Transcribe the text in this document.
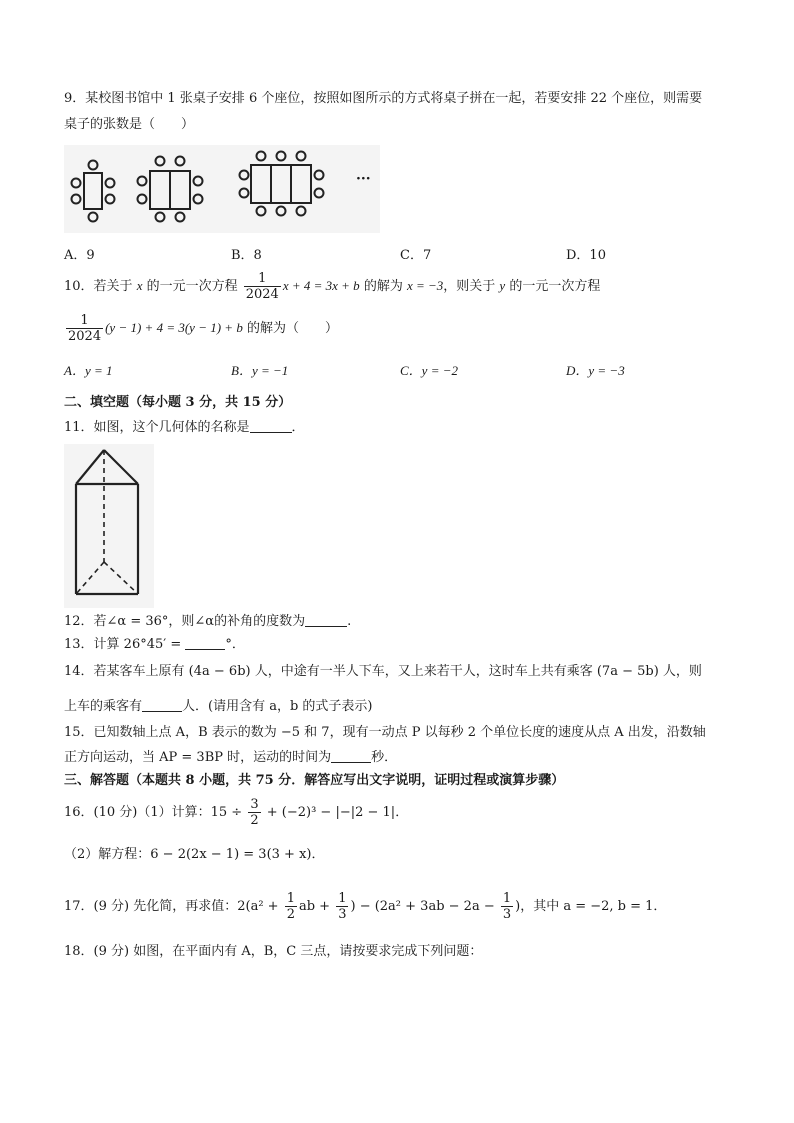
9．某校图书馆中 1 张桌子安排 6 个座位，按照如图所示的方式将桌子拼在一起，若要安排 22 个座位，则需要
桌子的张数是（　　）
···
A．9	B．8	C．7	D．10
10．若关于 x 的一元一次方程 $\frac{1}{2024}$ x + 4 = 3x + b 的解为 x = −3，则关于 y 的一元一次方程
$\frac{1}{2024} (y - 1) + 4 = 3(y - 1) + b$ 的解为（　　）
A．y = 1	B．y = −1	C．y = −2	D．y = −3
二、填空题（每小题 3 分，共 15 分）
11．如图，这个几何体的名称是	．
12．若∠α = 36°，则∠α的补角的度数为	.
13．计算 26°45′ =	°．
14．若某客车上原有 (4a − 6b) 人，中途有一半人下车，又上来若干人，这时车上共有乘客 (7a − 5b) 人，则
上车的乘客有	人．(请用含有 a，b 的式子表示)
15．已知数轴上点 A，B 表示的数为 −5 和 7，现有一动点 P 以每秒 2 个单位长度的速度从点 A 出发，沿数轴
正方向运动，当 AP = 3BP 时，运动的时间为	秒．
三、解答题（本题共 8 小题，共 75 分．解答应写出文字说明，证明过程或演算步骤）
16．(10 分)（1）计算：$15 \div \frac{3}{2} + (-2)^3 - |-|2 - 1|$．
（2）解方程：6 − 2(2x − 1) = 3(3 + x)．
17．(9 分) 先化简，再求值：$2(a^2 + \frac{1}{2}$ ab + $\frac{1}{3}$ ) − ($2a^2 + 3ab - 2a - \frac{1}{3}$ )，其中 a = −2, b = 1．
18．(9 分) 如图，在平面内有 A，B，C 三点，请按要求完成下列问题：
